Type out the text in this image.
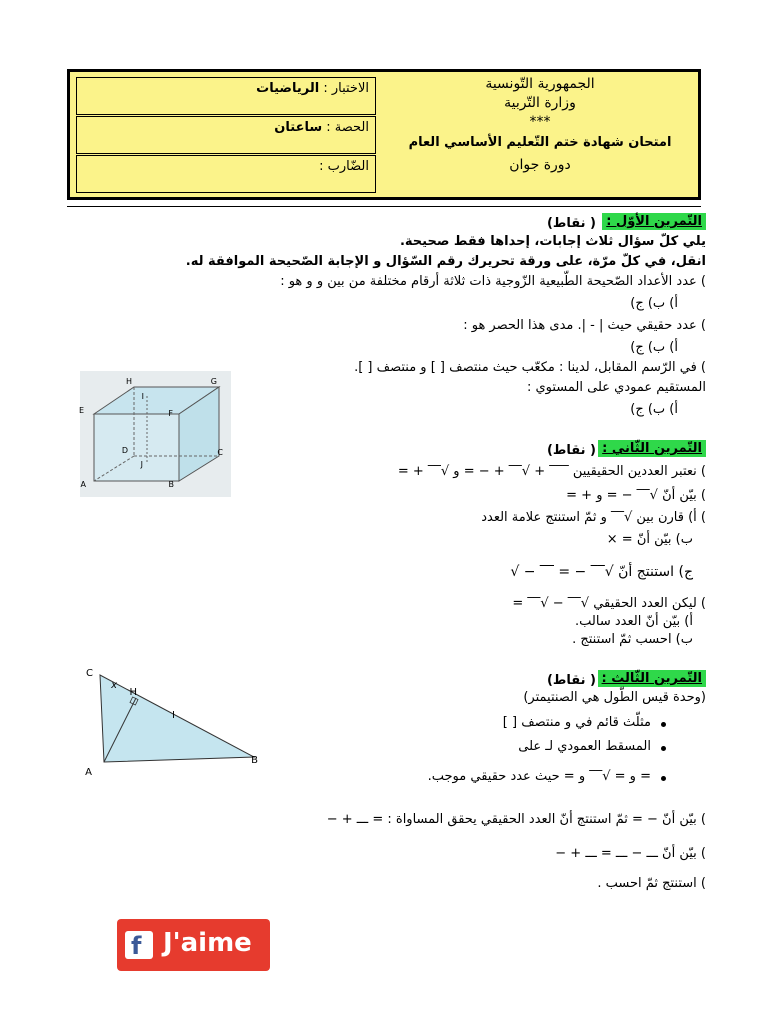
الاختبار : الرياضيات
الحصة : ساعتان
الضّارب :
الجمهورية التّونسية
وزارة التّربية
***
امتحان شهادة ختم التّعليم الأساسي العام
دورة جوان
التّمرين الأوّل :
( نقاط)
يلي كلّ سؤال ثلاث إجابات، إحداها فقط صحيحة.
انقل، في كلّ مرّة، على ورقة تحريرك رقم السّؤال و الإجابة الصّحيحة الموافقة له.
) عدد الأعداد الصّحيحة الطّبيعية الزّوجية ذات ثلاثة أرقام مختلفة من بين و و هو :
أ) ب) ج)
) عدد حقيقي حيث | - |. مدى هذا الحصر هو :
أ) ب) ج)
) في الرّسم المقابل، لدينا : مكعّب حيث منتصف [ ] و منتصف [ ].
المستقيم عمودي على المستوي :
أ) ب) ج)
H	G
I
E	F
D	C
J
A	B
التّمرين الثّاني :
( نقاط)
) نعتبر العددين الحقيقيين ‾‾‾ + √‾‾ + − = و √‾‾ + =
) بيّن أنّ √‾‾ − = و + =
) أ) قارن بين √‾‾ و ثمّ استنتج علامة العدد
ب) بيّن أنّ = ×
ج) استنتج أنّ √‾‾ − = ‾‾ − √
) ليكن العدد الحقيقي √‾‾ − √‾‾ =
أ) بيّن أنّ العدد سالب.
ب) احسب ثمّ استنتج .
C
x
H
I
A
B
التّمرين الثّالث :
( نقاط)
(وحدة قيس الطّول هي الصنتيمتر)
مثلّث قائم في و منتصف [ ]
المسقط العمودي لـ على
= و = √‾‾ و = حيث عدد حقيقي موجب.
) بيّن أنّ − = ثمّ استنتج أنّ العدد الحقيقي يحقق المساواة : = ـــ + −
) بيّن أنّ ـــ − ـــ = ـــ + −
) استنتج ثمّ احسب .
f J'aime
